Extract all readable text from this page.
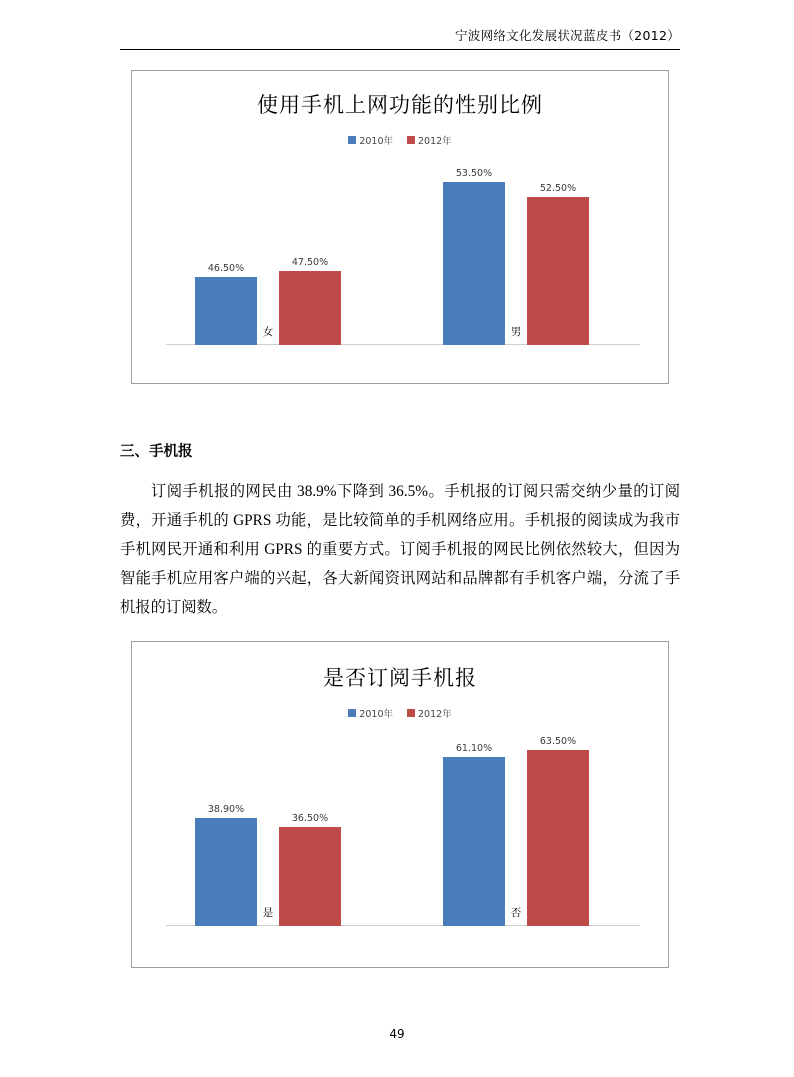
宁波网络文化发展状况蓝皮书（2012）
使用手机上网功能的性别比例
2010年	2012年
46.50%
47.50%
女
53.50%
52.50%
男
三、手机报
订阅手机报的网民由 38.9%下降到 36.5%。手机报的订阅只需交纳少量的订阅费，开通手机的 GPRS 功能，是比较简单的手机网络应用。手机报的阅读成为我市手机网民开通和利用 GPRS 的重要方式。订阅手机报的网民比例依然较大，但因为智能手机应用客户端的兴起，各大新闻资讯网站和品牌都有手机客户端，分流了手机报的订阅数。
是否订阅手机报
2010年	2012年
38.90%
36.50%
是
61.10%
63.50%
否
49
